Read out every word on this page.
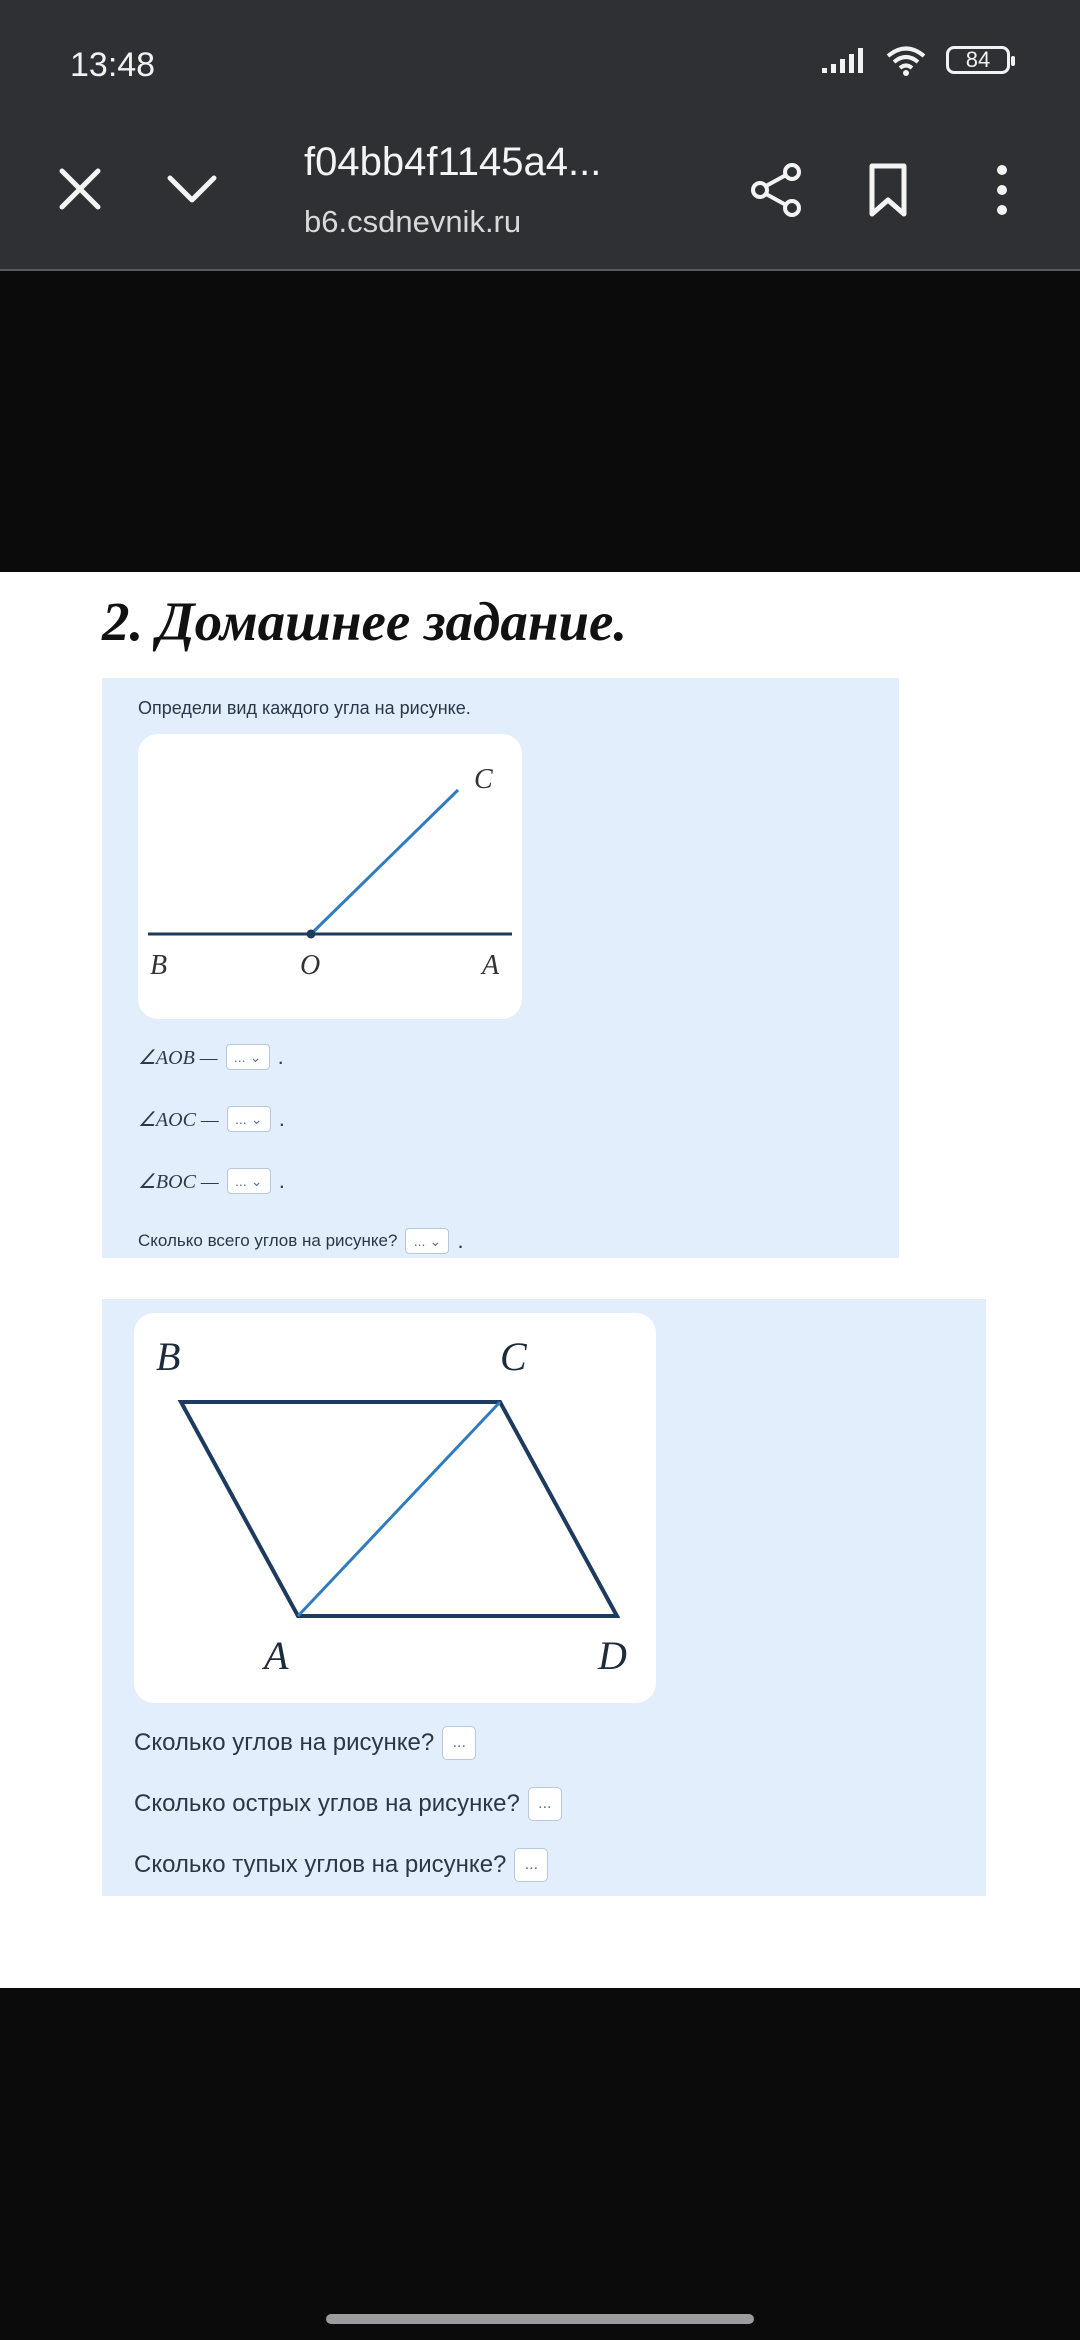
13:48	84
f04bb4f1145a4...
b6.csdnevnik.ru
2. Домашнее задание.
Определи вид каждого угла на рисунке.
B	O	A
C
∠AOB — ... ⌄ .
∠AOC — ... ⌄ .
∠BOC — ... ⌄ .
Сколько всего углов на рисунке? ... ⌄ .
B	C
A	D
Сколько углов на рисунке? ...
Сколько острых углов на рисунке? ...
Сколько тупых углов на рисунке? ...
